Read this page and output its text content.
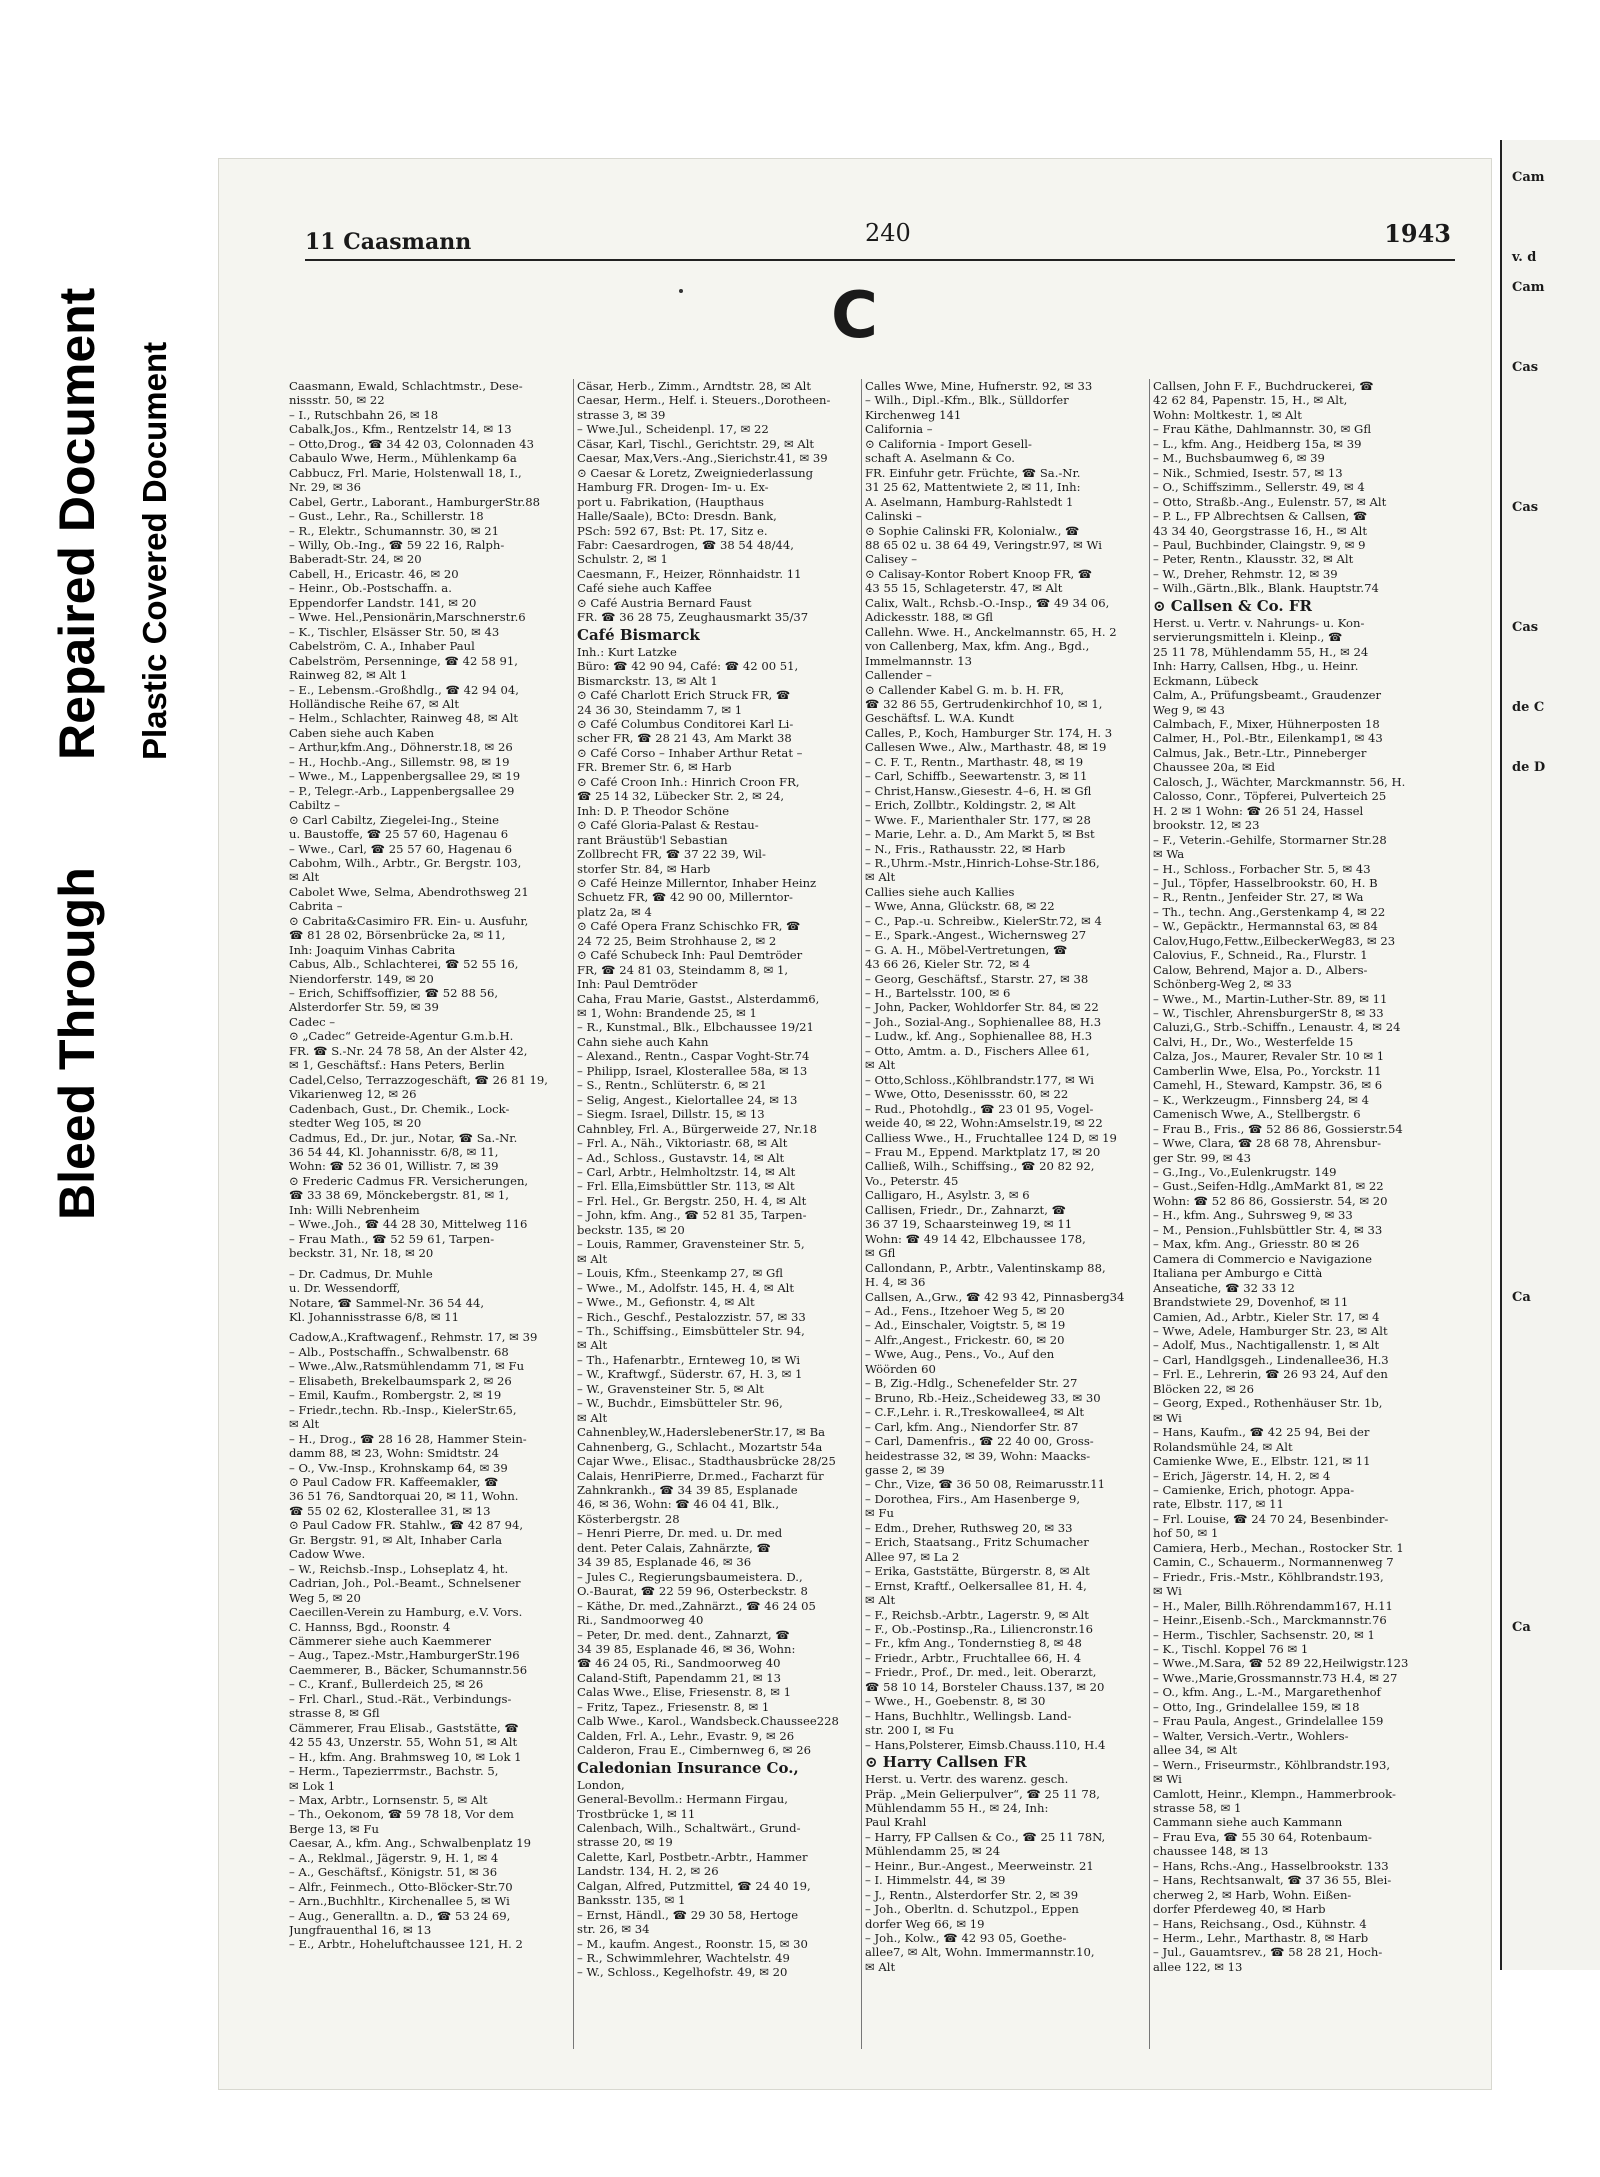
Bleed Through
Repaired Document Plastic Covered Document
Cam
v. d
Cam
Cas
Cas
Cas
de C
de D
Ca
Ca
11 Caasmann	240	1943
C
Caasmann, Ewald, Schlachtmstr., Dese-
nissstr. 50, ✉ 22
– I., Rutschbahn 26, ✉ 18
Cabalk,Jos., Kfm., Rentzelstr 14, ✉ 13
– Otto,Drog., ☎ 34 42 03, Colonnaden 43
Cabaulo Wwe, Herm., Mühlenkamp 6a
Cabbucz, Frl. Marie, Holstenwall 18, I.,
Nr. 29, ✉ 36
Cabel, Gertr., Laborant., HamburgerStr.88
– Gust., Lehr., Ra., Schillerstr. 18
– R., Elektr., Schumannstr. 30, ✉ 21
– Willy, Ob.-Ing., ☎ 59 22 16, Ralph-
Baberadt-Str. 24, ✉ 20
Cabell, H., Ericastr. 46, ✉ 20
– Heinr., Ob.-Postschaffn. a.
Eppendorfer Landstr. 141, ✉ 20
– Wwe. Hel.,Pensionärin,Marschnerstr.6
– K., Tischler, Elsässer Str. 50, ✉ 43
Cabelström, C. A., Inhaber Paul
Cabelström, Persenninge, ☎ 42 58 91,
Rainweg 82, ✉ Alt 1
– E., Lebensm.-Großhdlg., ☎ 42 94 04,
Holländische Reihe 67, ✉ Alt
– Helm., Schlachter, Rainweg 48, ✉ Alt
Caben siehe auch Kaben
– Arthur,kfm.Ang., Döhnerstr.18, ✉ 26
– H., Hochb.-Ang., Sillemstr. 98, ✉ 19
– Wwe., M., Lappenbergsallee 29, ✉ 19
– P., Telegr.-Arb., Lappenbergsallee 29
Cabiltz –
⊙ Carl Cabiltz, Ziegelei-Ing., Steine
u. Baustoffe, ☎ 25 57 60, Hagenau 6
– Wwe., Carl, ☎ 25 57 60, Hagenau 6
Cabohm, Wilh., Arbtr., Gr. Bergstr. 103,
✉ Alt
Cabolet Wwe, Selma, Abendrothsweg 21
Cabrita –
⊙ Cabrita&Casimiro FR. Ein- u. Ausfuhr,
☎ 81 28 02, Börsenbrücke 2a, ✉ 11,
Inh: Joaquim Vinhas Cabrita
Cabus, Alb., Schlachterei, ☎ 52 55 16,
Niendorferstr. 149, ✉ 20
– Erich, Schiffsoffizier, ☎ 52 88 56,
Alsterdorfer Str. 59, ✉ 39
Cadec –
⊙ „Cadec“ Getreide-Agentur G.m.b.H.
FR. ☎ S.-Nr. 24 78 58, An der Alster 42,
✉ 1, Geschäftsf.: Hans Peters, Berlin
Cadel,Celso, Terrazzogeschäft, ☎ 26 81 19,
Vikarienweg 12, ✉ 26
Cadenbach, Gust., Dr. Chemik., Lock-
stedter Weg 105, ✉ 20
Cadmus, Ed., Dr. jur., Notar, ☎ Sa.-Nr.
36 54 44, Kl. Johannisstr. 6/8, ✉ 11,
Wohn: ☎ 52 36 01, Willistr. 7, ✉ 39
⊙ Frederic Cadmus FR. Versicherungen,
☎ 33 38 69, Mönckebergstr. 81, ✉ 1,
Inh: Willi Nebrenheim
– Wwe.,Joh., ☎ 44 28 30, Mittelweg 116
– Frau Math., ☎ 52 59 61, Tarpen-
beckstr. 31, Nr. 18, ✉ 20
– Dr. Cadmus, Dr. Muhle
u. Dr. Wessendorff,
Notare, ☎ Sammel-Nr. 36 54 44,
Kl. Johannisstrasse 6/8, ✉ 11
Cadow,A.,Kraftwagenf., Rehmstr. 17, ✉ 39
– Alb., Postschaffn., Schwalbenstr. 68
– Wwe.,Alw.,Ratsmühlendamm 71, ✉ Fu
– Elisabeth, Brekelbaumspark 2, ✉ 26
– Emil, Kaufm., Rombergstr. 2, ✉ 19
– Friedr.,techn. Rb.-Insp., KielerStr.65,
✉ Alt
– H., Drog., ☎ 28 16 28, Hammer Stein-
damm 88, ✉ 23, Wohn: Smidtstr. 24
– O., Vw.-Insp., Krohnskamp 64, ✉ 39
⊙ Paul Cadow FR. Kaffeemakler, ☎
36 51 76, Sandtorquai 20, ✉ 11, Wohn.
☎ 55 02 62, Klosterallee 31, ✉ 13
⊙ Paul Cadow FR. Stahlw., ☎ 42 87 94,
Gr. Bergstr. 91, ✉ Alt, Inhaber Carla
Cadow Wwe.
– W., Reichsb.-Insp., Lohseplatz 4, ht.
Cadrian, Joh., Pol.-Beamt., Schnelsener
Weg 5, ✉ 20
Caecillen-Verein zu Hamburg, e.V. Vors.
C. Hannss, Bgd., Roonstr. 4
Cämmerer siehe auch Kaemmerer
– Aug., Tapez.-Mstr.,HamburgerStr.196
Caemmerer, B., Bäcker, Schumannstr.56
– C., Kranf., Bullerdeich 25, ✉ 26
– Frl. Charl., Stud.-Rät., Verbindungs-
strasse 8, ✉ Gfl
Cämmerer, Frau Elisab., Gaststätte, ☎
42 55 43, Unzerstr. 55, Wohn 51, ✉ Alt
– H., kfm. Ang. Brahmsweg 10, ✉ Lok 1
– Herm., Tapezierrmstr., Bachstr. 5,
✉ Lok 1
– Max, Arbtr., Lornsenstr. 5, ✉ Alt
– Th., Oekonom, ☎ 59 78 18, Vor dem
Berge 13, ✉ Fu
Caesar, A., kfm. Ang., Schwalbenplatz 19
– A., Reklmal., Jägerstr. 9, H. 1, ✉ 4
– A., Geschäftsf., Königstr. 51, ✉ 36
– Alfr., Feinmech., Otto-Blöcker-Str.70
– Arn.,Buchhltr., Kirchenallee 5, ✉ Wi
– Aug., Generalltn. a. D., ☎ 53 24 69,
Jungfrauenthal 16, ✉ 13
– E., Arbtr., Hoheluftchaussee 121, H. 2
Cäsar, Herb., Zimm., Arndtstr. 28, ✉ Alt
Caesar, Herm., Helf. i. Steuers.,Dorotheen-
strasse 3, ✉ 39
– Wwe.Jul., Scheidenpl. 17, ✉ 22
Cäsar, Karl, Tischl., Gerichtstr. 29, ✉ Alt
Caesar, Max,Vers.-Ang.,Sierichstr.41, ✉ 39
⊙ Caesar & Loretz, Zweigniederlassung
Hamburg FR. Drogen- Im- u. Ex-
port u. Fabrikation, (Haupthaus
Halle/Saale), BCto: Dresdn. Bank,
PSch: 592 67, Bst: Pt. 17, Sitz e.
Fabr: Caesardrogen, ☎ 38 54 48/44,
Schulstr. 2, ✉ 1
Caesmann, F., Heizer, Rönnhaidstr. 11
Café siehe auch Kaffee
⊙ Café Austria Bernard Faust
FR. ☎ 36 28 75, Zeughausmarkt 35/37
Café Bismarck
Inh.: Kurt Latzke
Büro: ☎ 42 90 94, Café: ☎ 42 00 51,
Bismarckstr. 13, ✉ Alt 1
⊙ Café Charlott Erich Struck FR, ☎
24 36 30, Steindamm 7, ✉ 1
⊙ Café Columbus Conditorei Karl Li-
scher FR, ☎ 28 21 43, Am Markt 38
⊙ Café Corso – Inhaber Arthur Retat –
FR. Bremer Str. 6, ✉ Harb
⊙ Café Croon Inh.: Hinrich Croon FR,
☎ 25 14 32, Lübecker Str. 2, ✉ 24,
Inh: D. P. Theodor Schöne
⊙ Café Gloria-Palast & Restau-
rant Bräustüb'l Sebastian
Zollbrecht FR, ☎ 37 22 39, Wil-
storfer Str. 84, ✉ Harb
⊙ Café Heinze Millerntor, Inhaber Heinz
Schuetz FR, ☎ 42 90 00, Millerntor-
platz 2a, ✉ 4
⊙ Café Opera Franz Schischko FR, ☎
24 72 25, Beim Strohhause 2, ✉ 2
⊙ Café Schubeck Inh: Paul Demtröder
FR, ☎ 24 81 03, Steindamm 8, ✉ 1,
Inh: Paul Demtröder
Caha, Frau Marie, Gastst., Alsterdamm6,
✉ 1, Wohn: Brandende 25, ✉ 1
– R., Kunstmal., Blk., Elbchaussee 19/21
Cahn siehe auch Kahn
– Alexand., Rentn., Caspar Voght-Str.74
– Philipp, Israel, Klosterallee 58a, ✉ 13
– S., Rentn., Schlüterstr. 6, ✉ 21
– Selig, Angest., Kielortallee 24, ✉ 13
– Siegm. Israel, Dillstr. 15, ✉ 13
Cahnbley, Frl. A., Bürgerweide 27, Nr.18
– Frl. A., Näh., Viktoriastr. 68, ✉ Alt
– Ad., Schloss., Gustavstr. 14, ✉ Alt
– Carl, Arbtr., Helmholtzstr. 14, ✉ Alt
– Frl. Ella,Eimsbüttler Str. 113, ✉ Alt
– Frl. Hel., Gr. Bergstr. 250, H. 4, ✉ Alt
– John, kfm. Ang., ☎ 52 81 35, Tarpen-
beckstr. 135, ✉ 20
– Louis, Rammer, Gravensteiner Str. 5,
✉ Alt
– Louis, Kfm., Steenkamp 27, ✉ Gfl
– Wwe., M., Adolfstr. 145, H. 4, ✉ Alt
– Wwe., M., Gefionstr. 4, ✉ Alt
– Rich., Geschf., Pestalozzistr. 57, ✉ 33
– Th., Schiffsing., Eimsbütteler Str. 94,
✉ Alt
– Th., Hafenarbtr., Ernteweg 10, ✉ Wi
– W., Kraftwgf., Süderstr. 67, H. 3, ✉ 1
– W., Gravensteiner Str. 5, ✉ Alt
– W., Buchdr., Eimsbütteler Str. 96,
✉ Alt
Cahnenbley,W.,HaderslebenerStr.17, ✉ Ba
Cahnenberg, G., Schlacht., Mozartstr 54a
Cajar Wwe., Elisac., Stadthausbrücke 28/25
Calais, HenriPierre, Dr.med., Facharzt für
Zahnkrankh., ☎ 34 39 85, Esplanade
46, ✉ 36, Wohn: ☎ 46 04 41, Blk.,
Kösterbergstr. 28
– Henri Pierre, Dr. med. u. Dr. med
dent. Peter Calais, Zahnärzte, ☎
34 39 85, Esplanade 46, ✉ 36
– Jules C., Regierungsbaumeistera. D.,
O.-Baurat, ☎ 22 59 96, Osterbeckstr. 8
– Käthe, Dr. med.,Zahnärzt., ☎ 46 24 05
Ri., Sandmoorweg 40
– Peter, Dr. med. dent., Zahnarzt, ☎
34 39 85, Esplanade 46, ✉ 36, Wohn:
☎ 46 24 05, Ri., Sandmoorweg 40
Caland-Stift, Papendamm 21, ✉ 13
Calas Wwe., Elise, Friesenstr. 8, ✉ 1
– Fritz, Tapez., Friesenstr. 8, ✉ 1
Calb Wwe., Karol., Wandsbeck.Chaussee228
Calden, Frl. A., Lehr., Evastr. 9, ✉ 26
Calderon, Frau E., Cimbernweg 6, ✉ 26
Caledonian Insurance Co.,
London,
General-Bevollm.: Hermann Firgau,
Trostbrücke 1, ✉ 11
Calenbach, Wilh., Schaltwärt., Grund-
strasse 20, ✉ 19
Calette, Karl, Postbetr.-Arbtr., Hammer
Landstr. 134, H. 2, ✉ 26
Calgan, Alfred, Putzmittel, ☎ 24 40 19,
Banksstr. 135, ✉ 1
– Ernst, Händl., ☎ 29 30 58, Hertoge
str. 26, ✉ 34
– M., kaufm. Angest., Roonstr. 15, ✉ 30
– R., Schwimmlehrer, Wachtelstr. 49
– W., Schloss., Kegelhofstr. 49, ✉ 20
Calles Wwe, Mine, Hufnerstr. 92, ✉ 33
– Wilh., Dipl.-Kfm., Blk., Sülldorfer
Kirchenweg 141
California –
⊙ California - Import Gesell-
schaft A. Aselmann & Co.
FR. Einfuhr getr. Früchte, ☎ Sa.-Nr.
31 25 62, Mattentwiete 2, ✉ 11, Inh:
A. Aselmann, Hamburg-Rahlstedt 1
Calinski –
⊙ Sophie Calinski FR, Kolonialw., ☎
88 65 02 u. 38 64 49, Veringstr.97, ✉ Wi
Calisey –
⊙ Calisay-Kontor Robert Knoop FR, ☎
43 55 15, Schlageterstr. 47, ✉ Alt
Calix, Walt., Rchsb.-O.-Insp., ☎ 49 34 06,
Adickesstr. 188, ✉ Gfl
Callehn. Wwe. H., Anckelmannstr. 65, H. 2
von Callenberg, Max, kfm. Ang., Bgd.,
Immelmannstr. 13
Callender –
⊙ Callender Kabel G. m. b. H. FR,
☎ 32 86 55, Gertrudenkirchhof 10, ✉ 1,
Geschäftsf. L. W.A. Kundt
Calles, P., Koch, Hamburger Str. 174, H. 3
Callesen Wwe., Alw., Marthastr. 48, ✉ 19
– C. F. T., Rentn., Marthastr. 48, ✉ 19
– Carl, Schiffb., Seewartenstr. 3, ✉ 11
– Christ,Hansw.,Giesestr. 4–6, H. ✉ Gfl
– Erich, Zollbtr., Koldingstr. 2, ✉ Alt
– Wwe. F., Marienthaler Str. 177, ✉ 28
– Marie, Lehr. a. D., Am Markt 5, ✉ Bst
– N., Fris., Rathausstr. 22, ✉ Harb
– R.,Uhrm.-Mstr.,Hinrich-Lohse-Str.186,
✉ Alt
Callies siehe auch Kallies
– Wwe, Anna, Glückstr. 68, ✉ 22
– C., Pap.-u. Schreibw., KielerStr.72, ✉ 4
– E., Spark.-Angest., Wichernsweg 27
– G. A. H., Möbel-Vertretungen, ☎
43 66 26, Kieler Str. 72, ✉ 4
– Georg, Geschäftsf., Starstr. 27, ✉ 38
– H., Bartelsstr. 100, ✉ 6
– John, Packer, Wohldorfer Str. 84, ✉ 22
– Joh., Sozial-Ang., Sophienallee 88, H.3
– Ludw., kf. Ang., Sophienallee 88, H.3
– Otto, Amtm. a. D., Fischers Allee 61,
✉ Alt
– Otto,Schloss.,Köhlbrandstr.177, ✉ Wi
– Wwe, Otto, Desenissstr. 60, ✉ 22
– Rud., Photohdlg., ☎ 23 01 95, Vogel-
weide 40, ✉ 22, Wohn:Amselstr.19, ✉ 22
Calliess Wwe., H., Fruchtallee 124 D, ✉ 19
– Frau M., Eppend. Marktplatz 17, ✉ 20
Calließ, Wilh., Schiffsing., ☎ 20 82 92,
Vo., Peterstr. 45
Calligaro, H., Asylstr. 3, ✉ 6
Callisen, Friedr., Dr., Zahnarzt, ☎
36 37 19, Schaarsteinweg 19, ✉ 11
Wohn: ☎ 49 14 42, Elbchaussee 178,
✉ Gfl
Callondann, P., Arbtr., Valentinskamp 88,
H. 4, ✉ 36
Callsen, A.,Grw., ☎ 42 93 42, Pinnasberg34
– Ad., Fens., Itzehoer Weg 5, ✉ 20
– Ad., Einschaler, Voigtstr. 5, ✉ 19
– Alfr.,Angest., Frickestr. 60, ✉ 20
– Wwe, Aug., Pens., Vo., Auf den
Wöörden 60
– B, Zig.-Hdlg., Schenefelder Str. 27
– Bruno, Rb.-Heiz.,Scheideweg 33, ✉ 30
– C.F.,Lehr. i. R.,Treskowallee4, ✉ Alt
– Carl, kfm. Ang., Niendorfer Str. 87
– Carl, Damenfris., ☎ 22 40 00, Gross-
heidestrasse 32, ✉ 39, Wohn: Maacks-
gasse 2, ✉ 39
– Chr., Vize, ☎ 36 50 08, Reimarusstr.11
– Dorothea, Firs., Am Hasenberge 9,
✉ Fu
– Edm., Dreher, Ruthsweg 20, ✉ 33
– Erich, Staatsang., Fritz Schumacher
Allee 97, ✉ La 2
– Erika, Gaststätte, Bürgerstr. 8, ✉ Alt
– Ernst, Kraftf., Oelkersallee 81, H. 4,
✉ Alt
– F., Reichsb.-Arbtr., Lagerstr. 9, ✉ Alt
– F., Ob.-Postinsp.,Ra., Liliencronstr.16
– Fr., kfm Ang., Tondernstieg 8, ✉ 48
– Friedr., Arbtr., Fruchtallee 66, H. 4
– Friedr., Prof., Dr. med., leit. Oberarzt,
☎ 58 10 14, Borsteler Chauss.137, ✉ 20
– Wwe., H., Goebenstr. 8, ✉ 30
– Hans, Buchhltr., Wellingsb. Land-
str. 200 I, ✉ Fu
– Hans,Polsterer, Eimsb.Chauss.110, H.4
⊙ Harry Callsen FR
Herst. u. Vertr. des warenz. gesch.
Präp. „Mein Gelierpulver“, ☎ 25 11 78,
Mühlendamm 55 H., ✉ 24, Inh:
Paul Krahl
– Harry, FP Callsen & Co., ☎ 25 11 78N,
Mühlendamm 25, ✉ 24
– Heinr., Bur.-Angest., Meerweinstr. 21
– I. Himmelstr. 44, ✉ 39
– J., Rentn., Alsterdorfer Str. 2, ✉ 39
– Joh., Oberltn. d. Schutzpol., Eppen
dorfer Weg 66, ✉ 19
– Joh., Kolw., ☎ 42 93 05, Goethe-
allee7, ✉ Alt, Wohn. Immermannstr.10,
✉ Alt
Callsen, John F. F., Buchdruckerei, ☎
42 62 84, Papenstr. 15, H., ✉ Alt,
Wohn: Moltkestr. 1, ✉ Alt
– Frau Käthe, Dahlmannstr. 30, ✉ Gfl
– L., kfm. Ang., Heidberg 15a, ✉ 39
– M., Buchsbaumweg 6, ✉ 39
– Nik., Schmied, Isestr. 57, ✉ 13
– O., Schiffszimm., Sellerstr. 49, ✉ 4
– Otto, Straßb.-Ang., Eulenstr. 57, ✉ Alt
– P. L., FP Albrechtsen & Callsen, ☎
43 34 40, Georgstrasse 16, H., ✉ Alt
– Paul, Buchbinder, Claingstr. 9, ✉ 9
– Peter, Rentn., Klausstr. 32, ✉ Alt
– W., Dreher, Rehmstr. 12, ✉ 39
– Wilh.,Gärtn.,Blk., Blank. Hauptstr.74
⊙ Callsen & Co. FR
Herst. u. Vertr. v. Nahrungs- u. Kon-
servierungsmitteln i. Kleinp., ☎
25 11 78, Mühlendamm 55, H., ✉ 24
Inh: Harry, Callsen, Hbg., u. Heinr.
Eckmann, Lübeck
Calm, A., Prüfungsbeamt., Graudenzer
Weg 9, ✉ 43
Calmbach, F., Mixer, Hühnerposten 18
Calmer, H., Pol.-Btr., Eilenkamp1, ✉ 43
Calmus, Jak., Betr.-Ltr., Pinneberger
Chaussee 20a, ✉ Eid
Calosch, J., Wächter, Marckmannstr. 56, H.
Calosso, Conr., Töpferei, Pulverteich 25
H. 2 ✉ 1 Wohn: ☎ 26 51 24, Hassel
brookstr. 12, ✉ 23
– F., Veterin.-Gehilfe, Stormarner Str.28
✉ Wa
– H., Schloss., Forbacher Str. 5, ✉ 43
– Jul., Töpfer, Hasselbrookstr. 60, H. B
– R., Rentn., Jenfeider Str. 27, ✉ Wa
– Th., techn. Ang.,Gerstenkamp 4, ✉ 22
– W., Gepäcktr., Hermannstal 63, ✉ 84
Calov,Hugo,Fettw.,EilbeckerWeg83, ✉ 23
Calovius, F., Schneid., Ra., Flurstr. 1
Calow, Behrend, Major a. D., Albers-
Schönberg-Weg 2, ✉ 33
– Wwe., M., Martin-Luther-Str. 89, ✉ 11
– W., Tischler, AhrensburgerStr 8, ✉ 33
Caluzi,G., Strb.-Schiffn., Lenaustr. 4, ✉ 24
Calvi, H., Dr., Wo., Westerfelde 15
Calza, Jos., Maurer, Revaler Str. 10 ✉ 1
Camberlin Wwe, Elsa, Po., Yorckstr. 11
Camehl, H., Steward, Kampstr. 36, ✉ 6
– K., Werkzeugm., Finnsberg 24, ✉ 4
Camenisch Wwe, A., Stellbergstr. 6
– Frau B., Fris., ☎ 52 86 86, Gossierstr.54
– Wwe, Clara, ☎ 28 68 78, Ahrensbur-
ger Str. 99, ✉ 43
– G.,Ing., Vo.,Eulenkrugstr. 149
– Gust.,Seifen-Hdlg.,AmMarkt 81, ✉ 22
Wohn: ☎ 52 86 86, Gossierstr. 54, ✉ 20
– H., kfm. Ang., Suhrsweg 9, ✉ 33
– M., Pension.,Fuhlsbüttler Str. 4, ✉ 33
– Max, kfm. Ang., Griesstr. 80 ✉ 26
Camera di Commercio e Navigazione
Italiana per Amburgo e Città
Anseatiche, ☎ 32 33 12
Brandstwiete 29, Dovenhof, ✉ 11
Camien, Ad., Arbtr., Kieler Str. 17, ✉ 4
– Wwe, Adele, Hamburger Str. 23, ✉ Alt
– Adolf, Mus., Nachtigallenstr. 1, ✉ Alt
– Carl, Handlgsgeh., Lindenallee36, H.3
– Frl. E., Lehrerin, ☎ 26 93 24, Auf den
Blöcken 22, ✉ 26
– Georg, Exped., Rothenhäuser Str. 1b,
✉ Wi
– Hans, Kaufm., ☎ 42 25 94, Bei der
Rolandsmühle 24, ✉ Alt
Camienke Wwe, E., Elbstr. 121, ✉ 11
– Erich, Jägerstr. 14, H. 2, ✉ 4
– Camienke, Erich, photogr. Appa-
rate, Elbstr. 117, ✉ 11
– Frl. Louise, ☎ 24 70 24, Besenbinder-
hof 50, ✉ 1
Camiera, Herb., Mechan., Rostocker Str. 1
Camin, C., Schauerm., Normannenweg 7
– Friedr., Fris.-Mstr., Köhlbrandstr.193,
✉ Wi
– H., Maler, Billh.Röhrendamm167, H.11
– Heinr.,Eisenb.-Sch., Marckmannstr.76
– Herm., Tischler, Sachsenstr. 20, ✉ 1
– K., Tischl. Koppel 76 ✉ 1
– Wwe.,M.Sara, ☎ 52 89 22,Heilwigstr.123
– Wwe.,Marie,Grossmannstr.73 H.4, ✉ 27
– O., kfm. Ang., L.-M., Margarethenhof
– Otto, Ing., Grindelallee 159, ✉ 18
– Frau Paula, Angest., Grindelallee 159
– Walter, Versich.-Vertr., Wohlers-
allee 34, ✉ Alt
– Wern., Friseurmstr., Köhlbrandstr.193,
✉ Wi
Camlott, Heinr., Klempn., Hammerbrook-
strasse 58, ✉ 1
Cammann siehe auch Kammann
– Frau Eva, ☎ 55 30 64, Rotenbaum-
chaussee 148, ✉ 13
– Hans, Rchs.-Ang., Hasselbrookstr. 133
– Hans, Rechtsanwalt, ☎ 37 36 55, Blei-
cherweg 2, ✉ Harb, Wohn. Eißen-
dorfer Pferdeweg 40, ✉ Harb
– Hans, Reichsang., Osd., Kühnstr. 4
– Herm., Lehr., Marthastr. 8, ✉ Harb
– Jul., Gauamtsrev., ☎ 58 28 21, Hoch-
allee 122, ✉ 13
